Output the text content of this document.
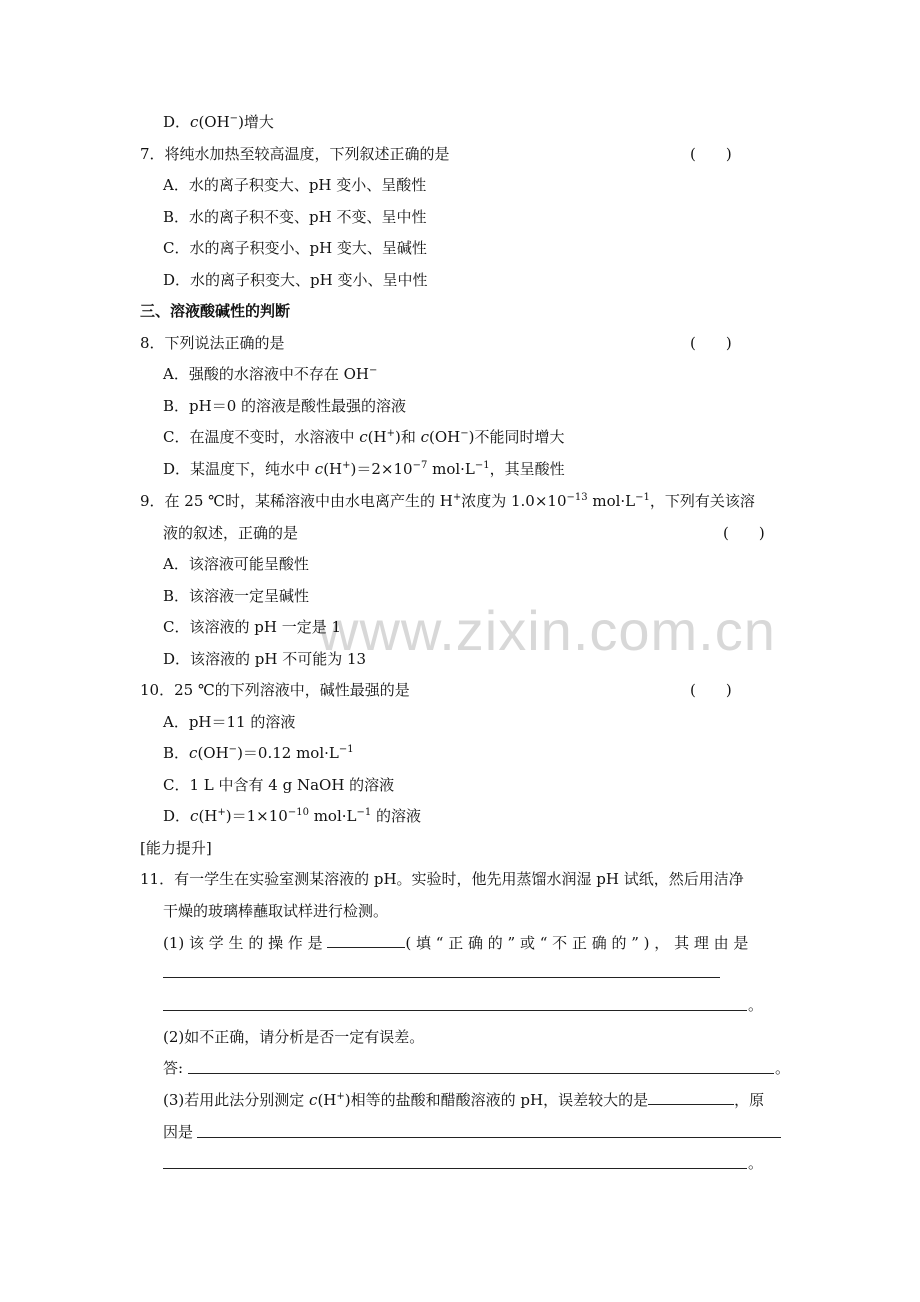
www.zixin.com.cn
D．c(OH−)增大
7．将纯水加热至较高温度，下列叙述正确的是	(　　)
A．水的离子积变大、pH 变小、呈酸性
B．水的离子积不变、pH 不变、呈中性
C．水的离子积变小、pH 变大、呈碱性
D．水的离子积变大、pH 变小、呈中性
三、溶液酸碱性的判断
8．下列说法正确的是	(　　)
A．强酸的水溶液中不存在 OH−
B．pH＝0 的溶液是酸性最强的溶液
C．在温度不变时，水溶液中 c(H+)和 c(OH−)不能同时增大
D．某温度下，纯水中 $c(H^+)=2\times 10^{-7}$ $mol\cdot L^{-1}$，其呈酸性
9．在 25 ℃时，某稀溶液中由水电离产生的 H+浓度为 $1.0\times 10^{-13}$ $mol\cdot L^{-1}$，下列有关该溶
液的叙述，正确的是	(　　)
A．该溶液可能呈酸性
B．该溶液一定呈碱性
C．该溶液的 pH 一定是 1
D．该溶液的 pH 不可能为 13
10．25 ℃的下列溶液中，碱性最强的是	(　　)
A．pH＝11 的溶液
B．c(OH−)＝0.12 $mol\cdot L^{-1}$
C．1 L 中含有 4 g NaOH 的溶液
D．$c(H^+)=1\times 10^{-10}$ $mol\cdot L^{-1}$ 的溶液
[能力提升]
11．有一学生在实验室测某溶液的 pH。实验时，他先用蒸馏水润湿 pH 试纸，然后用洁净
干燥的玻璃棒蘸取试样进行检测。
(1) 该 学 生 的 操 作 是	( 填 “ 正 确 的 ” 或 “ 不 正 确 的 ” ) ， 其 理 由 是
。
(2)如不正确，请分析是否一定有误差。
答:	。
(3)若用此法分别测定 c(H+)相等的盐酸和醋酸溶液的 pH，误差较大的是	，原
因是
。
